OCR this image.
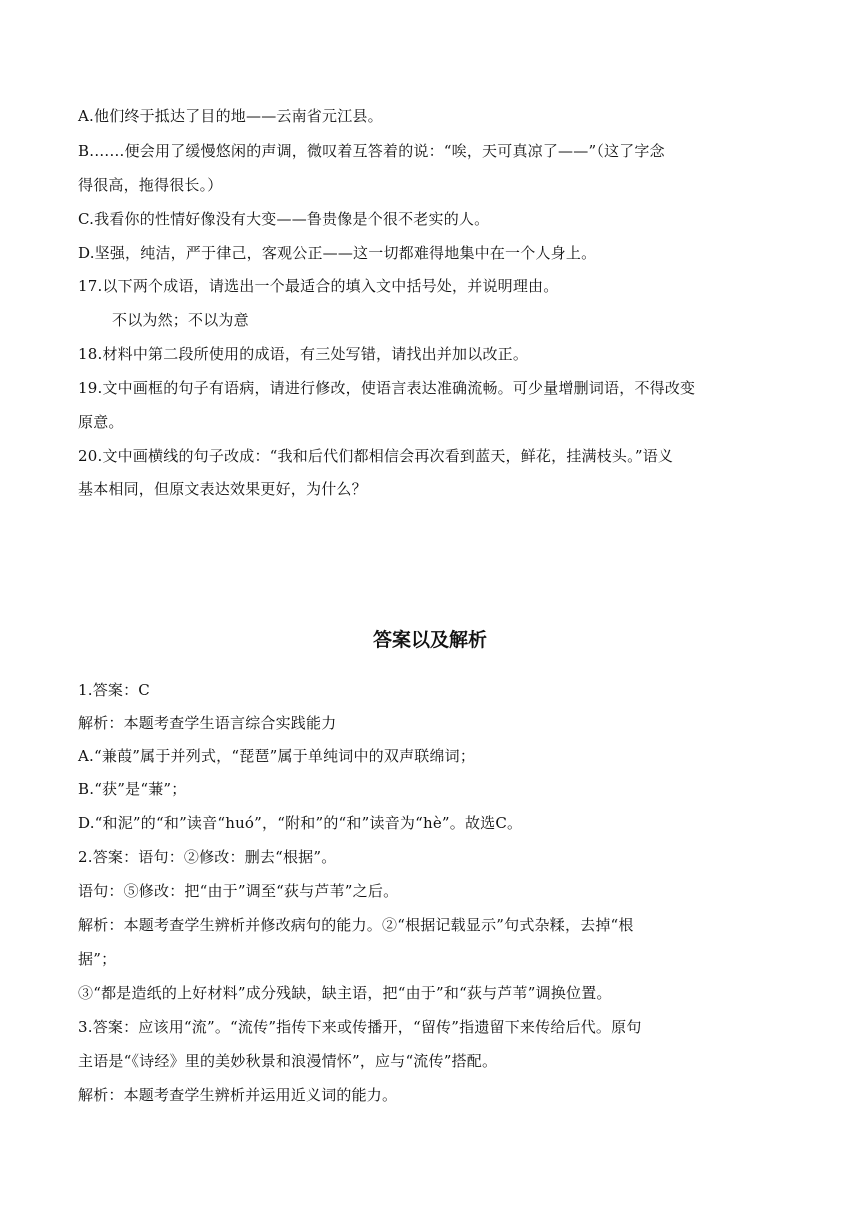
A.他们终于抵达了目的地——云南省元江县。
B.……便会用了缓慢悠闲的声调，微叹着互答着的说：“唉，天可真凉了——”（这了字念
得很高，拖得很长。）
C.我看你的性情好像没有大变——鲁贵像是个很不老实的人。
D.坚强，纯洁，严于律己，客观公正——这一切都难得地集中在一个人身上。
17.以下两个成语，请选出一个最适合的填入文中括号处，并说明理由。
不以为然；不以为意
18.材料中第二段所使用的成语，有三处写错，请找出并加以改正。
19.文中画框的句子有语病，请进行修改，使语言表达准确流畅。可少量增删词语，不得改变
原意。
20.文中画横线的句子改成：“我和后代们都相信会再次看到蓝天，鲜花，挂满枝头。”语义
基本相同，但原文表达效果更好，为什么？
答案以及解析
1.答案：C
解析：本题考查学生语言综合实践能力
A.“兼葭”属于并列式，“琵琶”属于单纯词中的双声联绵词；
B.“获”是“蒹”；
D.“和泥”的“和”读音“huó”，“附和”的“和”读音为“hè”。故选C。
2.答案：语句：②修改：删去“根据”。
语句：⑤修改：把“由于”调至“荻与芦苇”之后。
解析：本题考查学生辨析并修改病句的能力。②“根据记载显示”句式杂糅，去掉“根
据”；
③“都是造纸的上好材料”成分残缺，缺主语，把“由于”和“荻与芦苇”调换位置。
3.答案：应该用“流”。“流传”指传下来或传播开，“留传”指遗留下来传给后代。原句
主语是“《诗经》里的美妙秋景和浪漫情怀”，应与“流传”搭配。
解析：本题考查学生辨析并运用近义词的能力。
